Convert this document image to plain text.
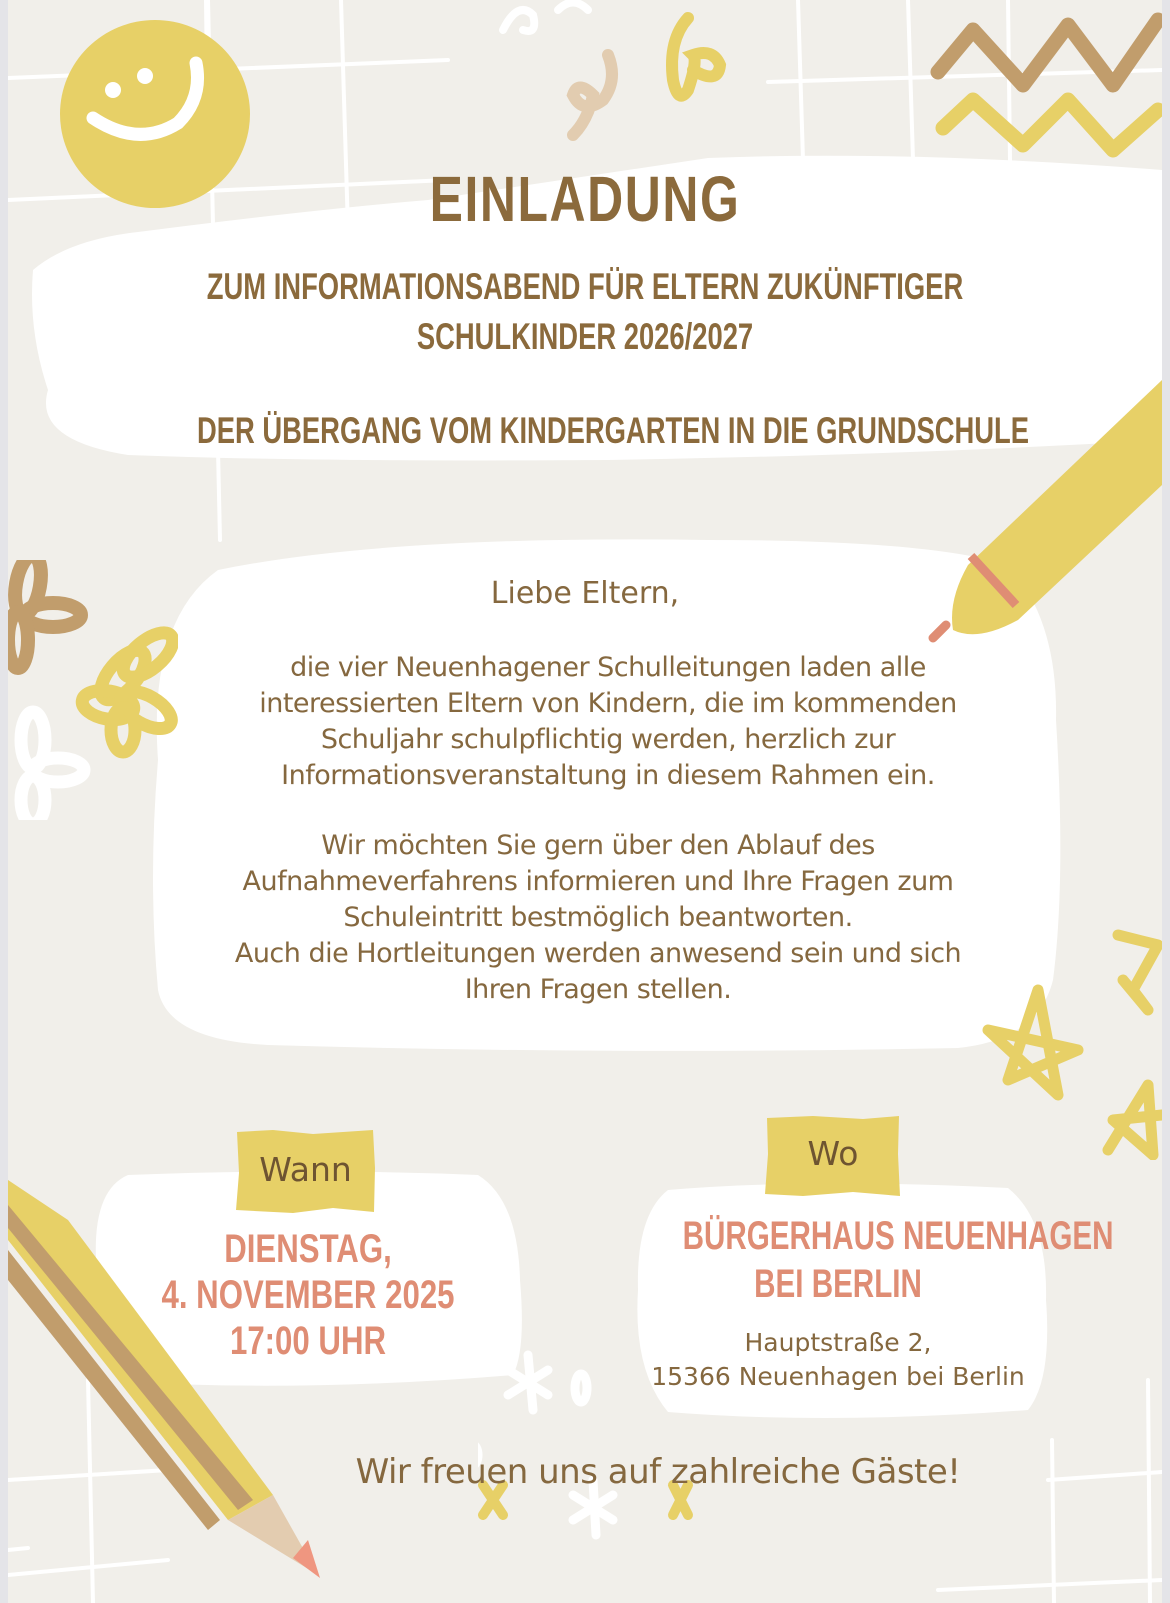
EINLADUNG
ZUM INFORMATIONSABEND FÜR ELTERN ZUKÜNFTIGER
SCHULKINDER 2026/2027
DER ÜBERGANG VOM KINDERGARTEN IN DIE GRUNDSCHULE
Liebe Eltern,
die vier Neuenhagener Schulleitungen laden alle
interessierten Eltern von Kindern, die im kommenden
Schuljahr schulpflichtig werden, herzlich zur
Informationsveranstaltung in diesem Rahmen ein.
Wir möchten Sie gern über den Ablauf des
Aufnahmeverfahrens informieren und Ihre Fragen zum
Schuleintritt bestmöglich beantworten.
Auch die Hortleitungen werden anwesend sein und sich
Ihren Fragen stellen.
Wann
DIENSTAG,
4. NOVEMBER 2025
17:00 UHR
Wo
BÜRGERHAUS NEUENHAGEN
BEI BERLIN
Hauptstraße 2,
15366 Neuenhagen bei Berlin
Wir freuen uns auf zahlreiche Gäste!
